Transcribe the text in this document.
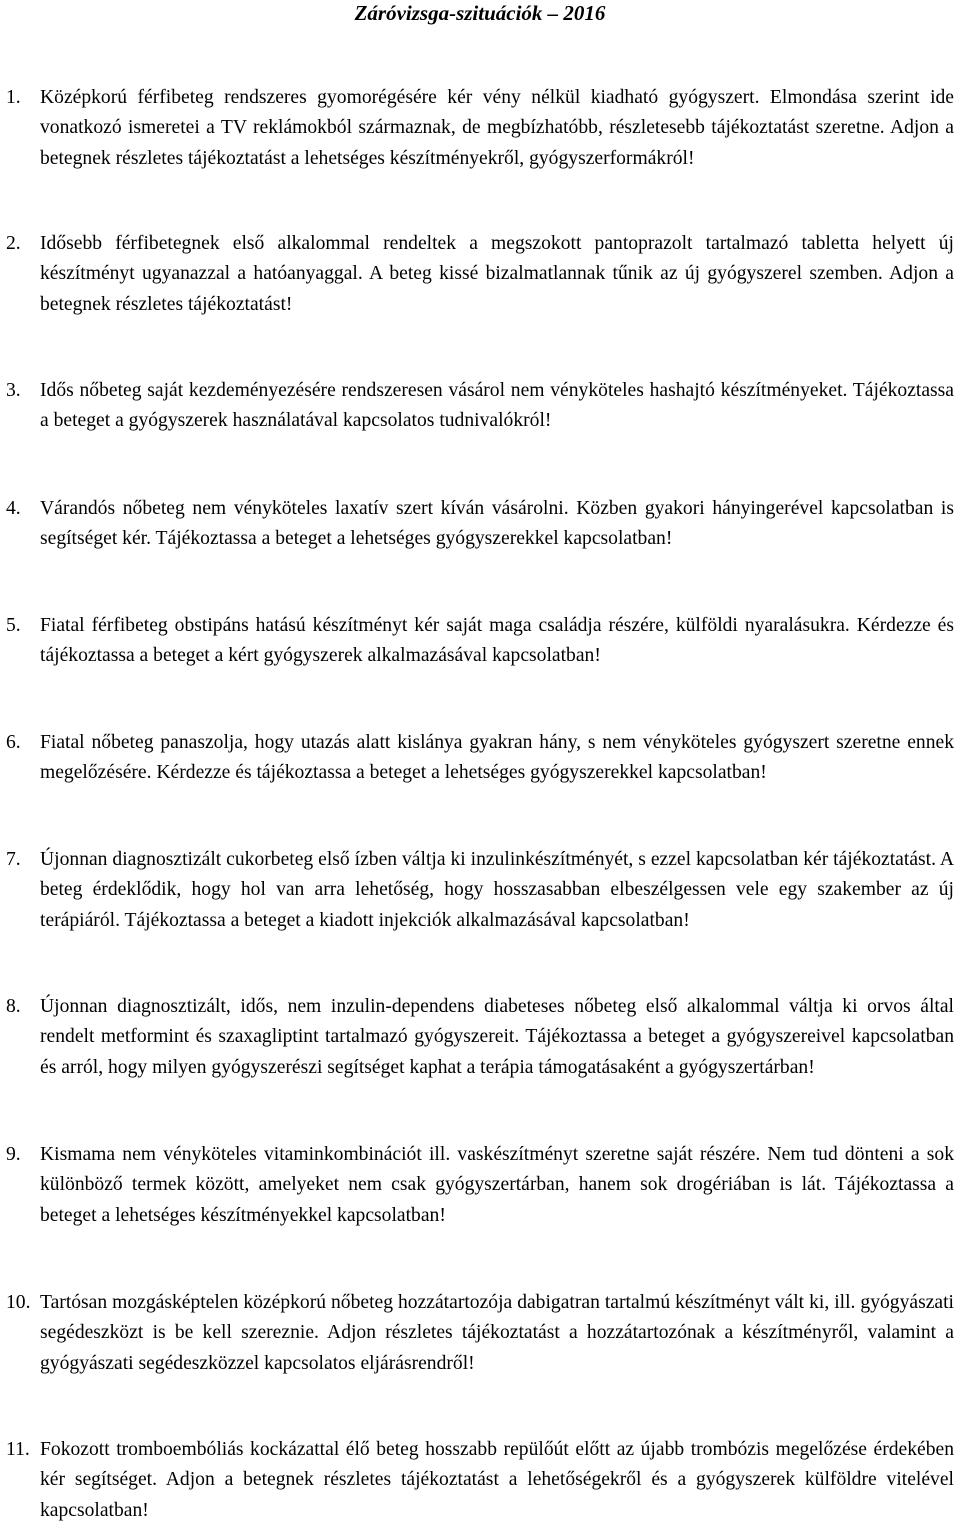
Záróvizsga-szituációk – 2016
1. Középkorú férfibeteg rendszeres gyomorégésére kér vény nélkül kiadható gyógyszert. Elmondása szerint ide vonatkozó ismeretei a TV reklámokból származnak, de megbízhatóbb, részletesebb tájékoztatást szeretne. Adjon a betegnek részletes tájékoztatást a lehetséges készítményekről, gyógyszerformákról!
2. Idősebb férfibetegnek első alkalommal rendeltek a megszokott pantoprazolt tartalmazó tabletta helyett új készítményt ugyanazzal a hatóanyaggal. A beteg kissé bizalmatlannak tűnik az új gyógyszerel szemben. Adjon a betegnek részletes tájékoztatást!
3. Idős nőbeteg saját kezdeményezésére rendszeresen vásárol nem vényköteles hashajtó készítményeket. Tájékoztassa a beteget a gyógyszerek használatával kapcsolatos tudnivalókról!
4. Várandós nőbeteg nem vényköteles laxatív szert kíván vásárolni. Közben gyakori hányingerével kapcsolatban is segítséget kér. Tájékoztassa a beteget a lehetséges gyógyszerekkel kapcsolatban!
5. Fiatal férfibeteg obstipáns hatású készítményt kér saját maga családja részére, külföldi nyaralásukra. Kérdezze és tájékoztassa a beteget a kért gyógyszerek alkalmazásával kapcsolatban!
6. Fiatal nőbeteg panaszolja, hogy utazás alatt kislánya gyakran hány, s nem vényköteles gyógyszert szeretne ennek megelőzésére. Kérdezze és tájékoztassa a beteget a lehetséges gyógyszerekkel kapcsolatban!
7. Újonnan diagnosztizált cukorbeteg első ízben váltja ki inzulinkészítményét, s ezzel kapcsolatban kér tájékoztatást. A beteg érdeklődik, hogy hol van arra lehetőség, hogy hosszasabban elbeszélgessen vele egy szakember az új terápiáról. Tájékoztassa a beteget a kiadott injekciók alkalmazásával kapcsolatban!
8. Újonnan diagnosztizált, idős, nem inzulin-dependens diabeteses nőbeteg első alkalommal váltja ki orvos által rendelt metformint és szaxagliptint tartalmazó gyógyszereit. Tájékoztassa a beteget a gyógyszereivel kapcsolatban és arról, hogy milyen gyógyszerészi segítséget kaphat a terápia támogatásaként a gyógyszertárban!
9. Kismama nem vényköteles vitaminkombinációt ill. vaskészítményt szeretne saját részére. Nem tud dönteni a sok különböző termek között, amelyeket nem csak gyógyszertárban, hanem sok drogériában is lát. Tájékoztassa a beteget a lehetséges készítményekkel kapcsolatban!
10. Tartósan mozgásképtelen középkorú nőbeteg hozzátartozója dabigatran tartalmú készítményt vált ki, ill. gyógyászati segédeszközt is be kell szereznie. Adjon részletes tájékoztatást a hozzátartozónak a készítményről, valamint a gyógyászati segédeszközzel kapcsolatos eljárásrendről!
11. Fokozott tromboembóliás kockázattal élő beteg hosszabb repülőút előtt az újabb trombózis megelőzése érdekében kér segítséget. Adjon a betegnek részletes tájékoztatást a lehetőségekről és a gyógyszerek külföldre vitelével kapcsolatban!
